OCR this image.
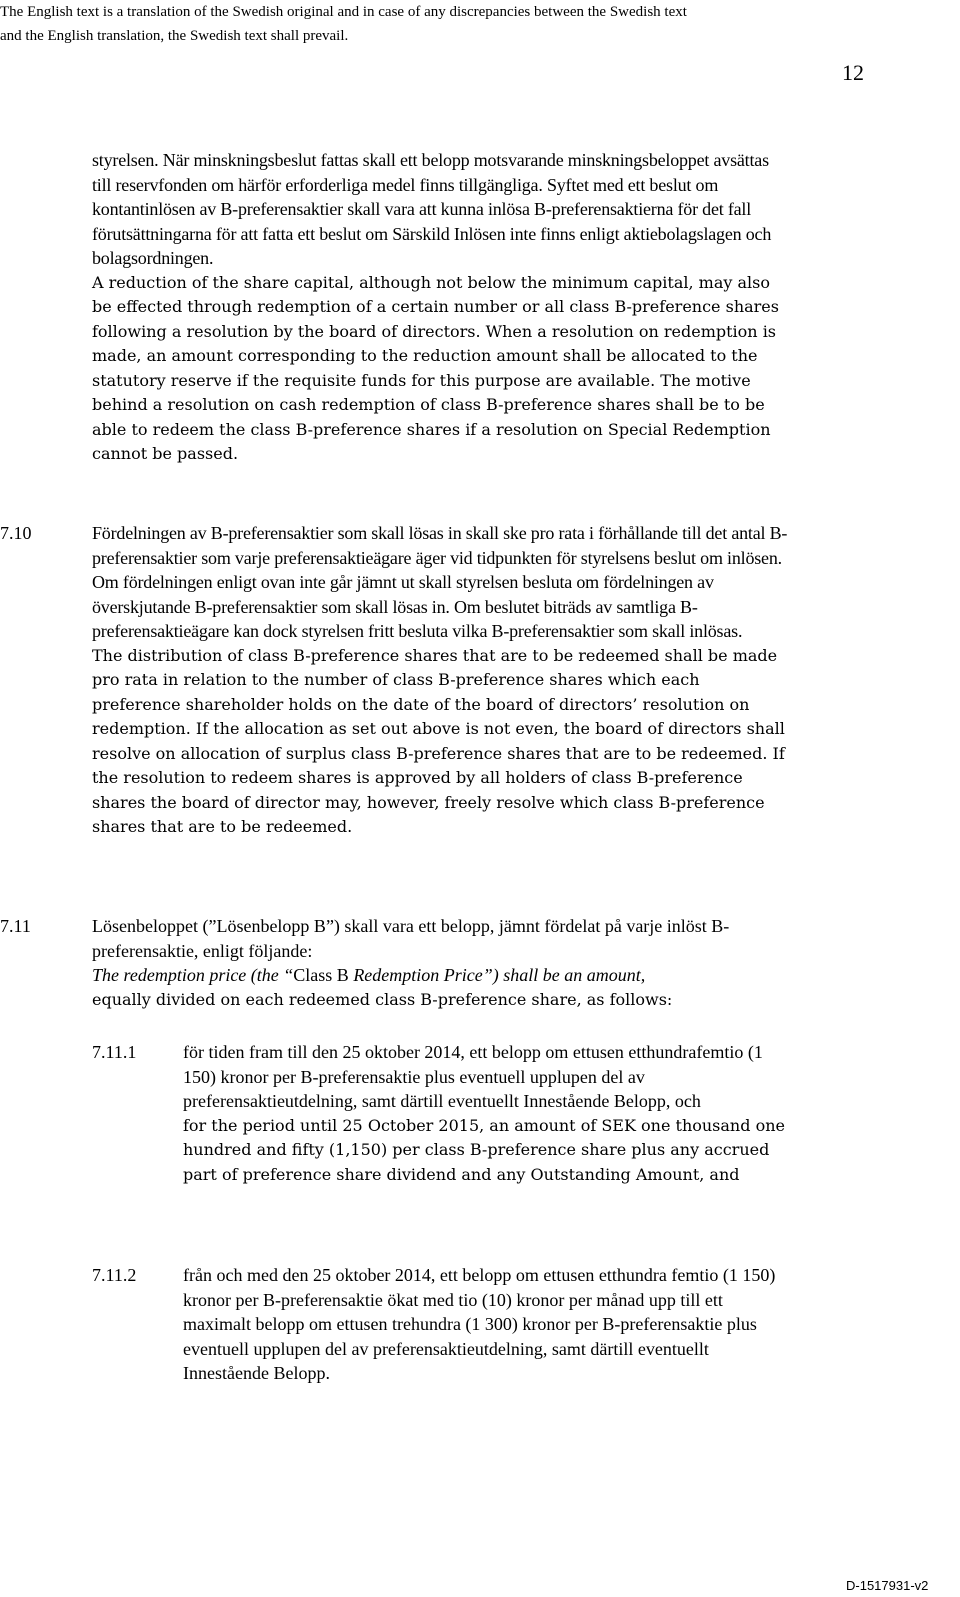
The English text is a translation of the Swedish original and in case of any discrepancies between the Swedish text
and the English translation, the Swedish text shall prevail.
12

styrelsen. När minskningsbeslut fattas skall ett belopp motsvarande minskningsbeloppet avsättas till reservfonden om härför erforderliga medel finns tillgängliga. Syftet med ett beslut om kontantinlösen av B-preferensaktier skall vara att kunna inlösa B-preferensaktierna för det fall förutsättningarna för att fatta ett beslut om Särskild Inlösen inte finns enligt aktiebolagslagen och bolagsordningen.

A reduction of the share capital, although not below the minimum capital, may also be effected through redemption of a certain number or all class B-preference shares following a resolution by the board of directors. When a resolution on redemption is made, an amount corresponding to the reduction amount shall be allocated to the statutory reserve if the requisite funds for this purpose are available. The motive behind a resolution on cash redemption of class B-preference shares shall be to be able to redeem the class B-preference shares if a resolution on Special Redemption cannot be passed.

7.10	Fördelningen av B-preferensaktier som skall lösas in skall ske pro rata i förhållande till det antal B-preferensaktier som varje preferensaktieägare äger vid tidpunkten för styrelsens beslut om inlösen. Om fördelningen enligt ovan inte går jämnt ut skall styrelsen besluta om fördelningen av överskjutande B-preferensaktier som skall lösas in. Om beslutet biträds av samtliga B-preferensaktieägare kan dock styrelsen fritt besluta vilka B-preferensaktier som skall inlösas.

The distribution of class B-preference shares that are to be redeemed shall be made pro rata in relation to the number of class B-preference shares which each preference shareholder holds on the date of the board of directors’ resolution on redemption. If the allocation as set out above is not even, the board of directors shall resolve on allocation of surplus class B-preference shares that are to be redeemed. If the resolution to redeem shares is approved by all holders of class B-preference shares the board of director may, however, freely resolve which class B-preference shares that are to be redeemed.

7.11	Lösenbeloppet (”Lösenbelopp B”) skall vara ett belopp, jämnt fördelat på varje inlöst B-preferensaktie, enligt följande:

The redemption price (the “Class B Redemption Price”) shall be an amount,

equally divided on each redeemed class B-preference share, as follows:

7.11.1	för tiden fram till den 25 oktober 2014, ett belopp om ettusen etthundrafemtio (1 150) kronor per B-preferensaktie plus eventuell upplupen del av preferensaktieutdelning, samt därtill eventuellt Innestående Belopp, och

for the period until 25 October 2015, an amount of SEK one thousand one hundred and fifty (1,150) per class B-preference share plus any accrued part of preference share dividend and any Outstanding Amount, and

7.11.2	från och med den 25 oktober 2014, ett belopp om ettusen etthundra femtio (1 150) kronor per B-preferensaktie ökat med tio (10) kronor per månad upp till ett maximalt belopp om ettusen trehundra (1 300) kronor per B-preferensaktie plus eventuell upplupen del av preferensaktieutdelning, samt därtill eventuellt Innestående Belopp.

D-1517931-v2
